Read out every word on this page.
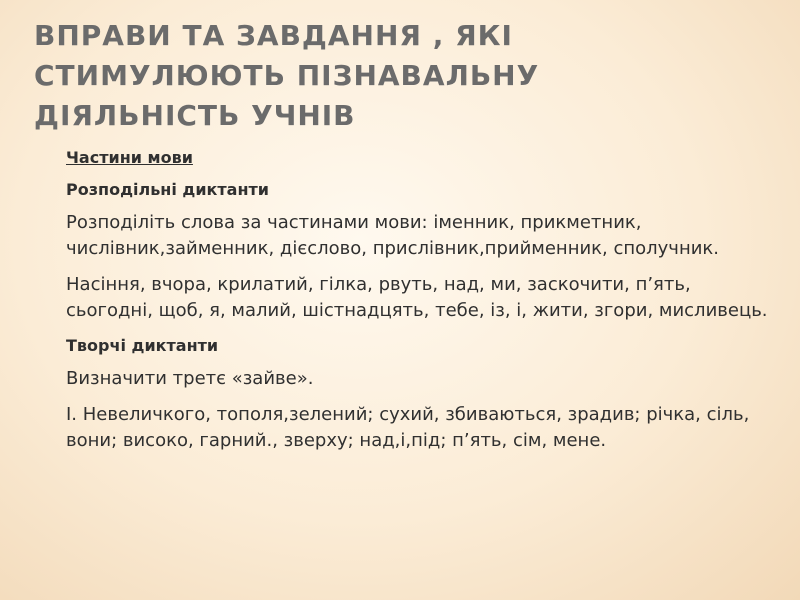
ВПРАВИ ТА ЗАВДАННЯ , ЯКІ СТИМУЛЮЮТЬ ПІЗНАВАЛЬНУ ДІЯЛЬНІСТЬ УЧНІВ
Частини мови
Розподільні диктанти
Розподіліть слова за частинами мови: іменник, прикметник, числівник,займенник, дієслово, прислівник,прийменник, сполучник.
Насіння, вчора, крилатий, гілка, рвуть, над, ми, заскочити, п’ять, сьогодні, щоб, я, малий, шістнадцять, тебе, із, і, жити, згори, мисливець.
Творчі диктанти
Визначити третє «зайве».
І. Невеличкого, тополя,зелений; сухий, збиваються, зрадив; річка, сіль, вони; високо, гарний., зверху; над,і,під; п’ять, сім, мене.
